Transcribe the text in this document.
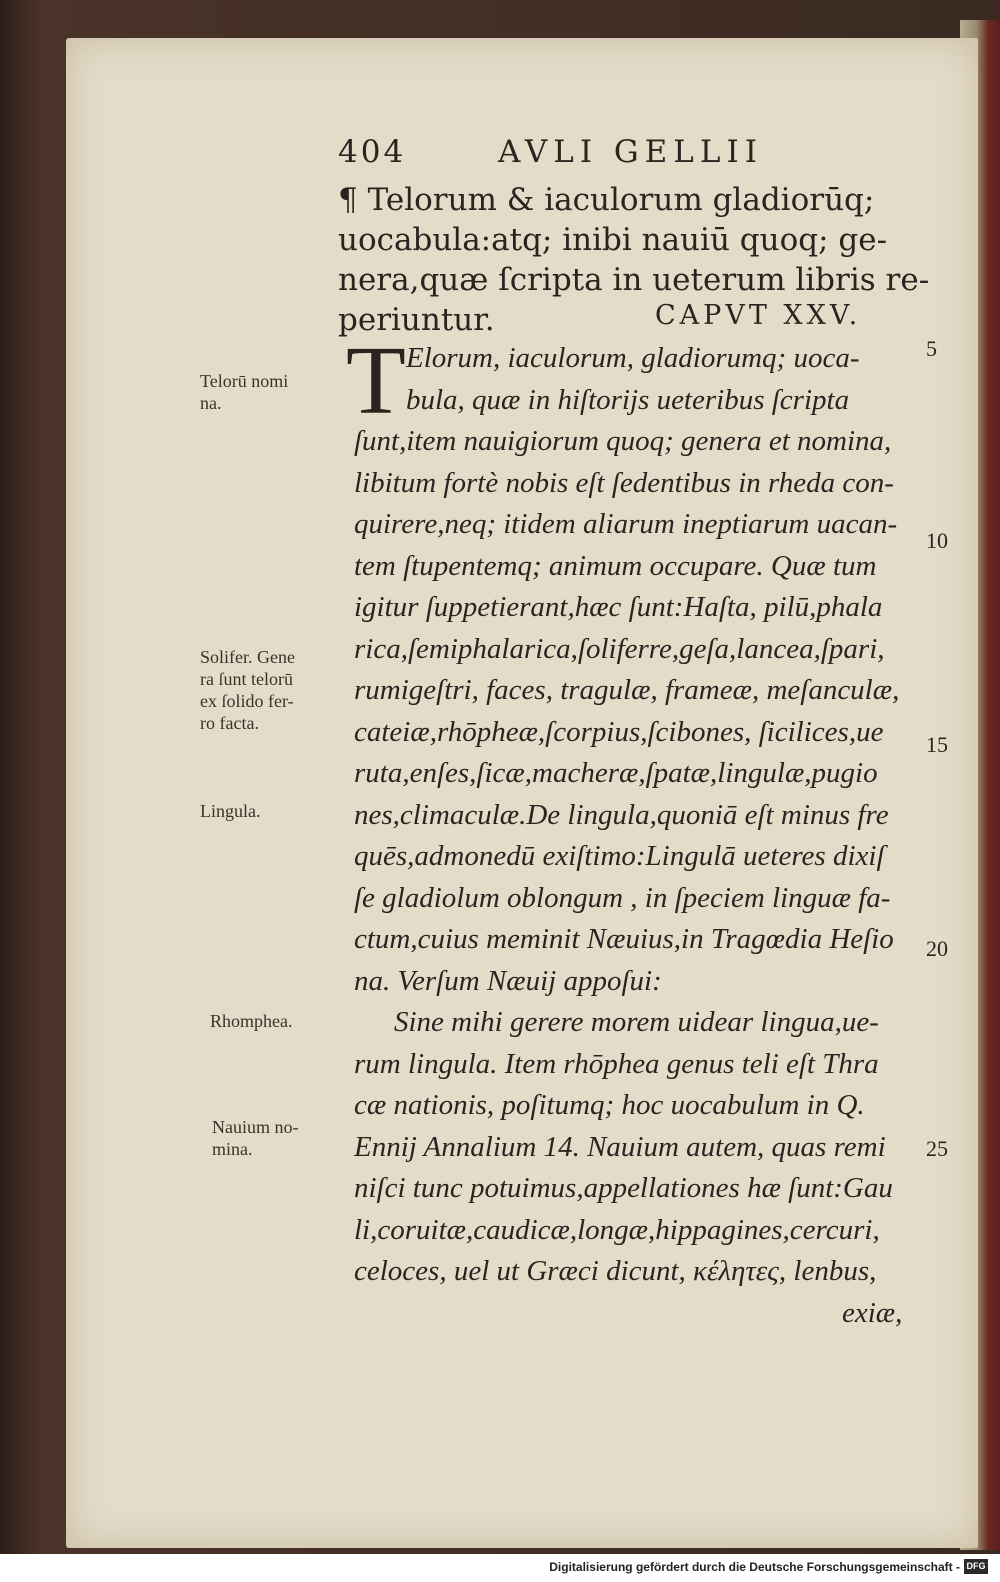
404	AVLI GELLII
¶ Telorum & iaculorum gladiorūq;
uocabula:atq; inibi nauiū quoq; ge-
nera,quæ ſcripta in ueterum libris re-
periuntur.	CAPVT XXV.
T Elorum, iaculorum, gladiorumq; uoca-
bula, quæ in hiſtorijs ueteribus ſcripta
ſunt,item nauigiorum quoq; genera et nomina,
libitum fortè nobis eſt ſedentibus in rheda con-
quirere,neq; itidem aliarum ineptiarum uacan-
tem ſtupentemq; animum occupare. Quæ tum
igitur ſuppetierant,hæc ſunt:Haſta, pilū,phala
rica,ſemiphalarica,ſoliferre,geſa,lancea,ſpari,
rumigeſtri, faces, tragulæ, frameæ, meſanculæ,
cateiæ,rhōpheæ,ſcorpius,ſcibones, ſicilices,ue
ruta,enſes,ſicæ,macheræ,ſpatæ,lingulæ,pugio
nes,climaculæ.De lingula,quoniā eſt minus fre
quēs,admonedū exiſtimo:Lingulā ueteres dixiſ
ſe gladiolum oblongum , in ſpeciem linguæ fa-
ctum,cuius meminit Næuius,in Tragœdia Heſio
na. Verſum Næuij appoſui:
Sine mihi gerere morem uidear lingua,ue-
rum lingula. Item rhōphea genus teli eſt Thra
cæ nationis, poſitumq; hoc uocabulum in Q.
Ennij Annalium 14. Nauium autem, quas remi
niſci tunc potuimus,appellationes hæ ſunt:Gau
li,coruitæ,caudicæ,longæ,hippagines,cercuri,
celoces, uel ut Græci dicunt, κέλητες, lenbus,
exiæ,
Telorū nomi
na.
Solifer. Gene
ra ſunt telorū
ex ſolido fer-
ro facta.
Lingula.
Rhomphea.
Nauium no-
mina.
5
10
15
20
25
Digitalisierung gefördert durch die Deutsche Forschungsgemeinschaft - DFG
